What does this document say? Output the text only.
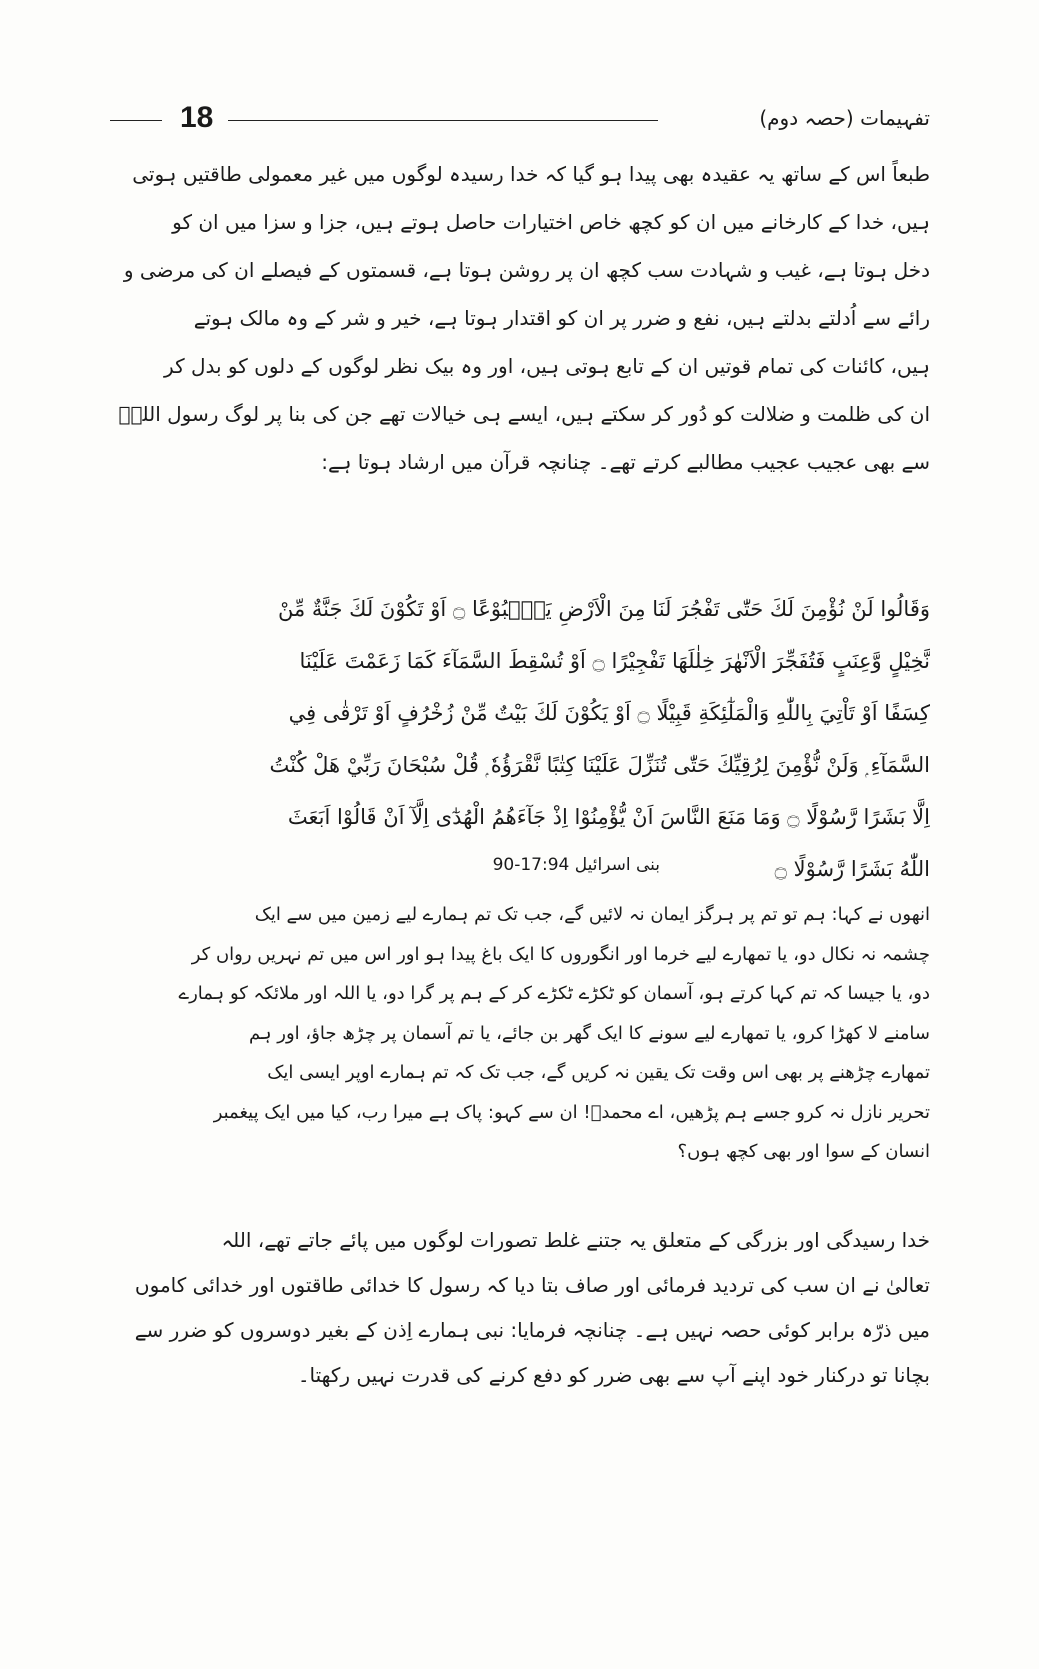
18	تفہیمات (حصہ دوم)
طبعاً اس کے ساتھ یہ عقیدہ بھی پیدا ہو گیا کہ خدا رسیدہ لوگوں میں غیر معمولی طاقتیں ہوتی
ہیں، خدا کے کارخانے میں ان کو کچھ خاص اختیارات حاصل ہوتے ہیں، جزا و سزا میں ان کو
دخل ہوتا ہے، غیب و شہادت سب کچھ ان پر روشن ہوتا ہے، قسمتوں کے فیصلے ان کی مرضی و
رائے سے اُدلتے بدلتے ہیں، نفع و ضرر پر ان کو اقتدار ہوتا ہے، خیر و شر کے وہ مالک ہوتے
ہیں، کائنات کی تمام قوتیں ان کے تابع ہوتی ہیں، اور وہ بیک نظر لوگوں کے دلوں کو بدل کر
ان کی ظلمت و ضلالت کو دُور کر سکتے ہیں، ایسے ہی خیالات تھے جن کی بنا پر لوگ رسول اللہؐ
سے بھی عجیب عجیب مطالبے کرتے تھے۔ چنانچہ قرآن میں ارشاد ہوتا ہے:
وَقَالُوا لَنْ نُؤْمِنَ لَكَ حَتّٰى تَفْجُرَ لَنَا مِنَ الْاَرْضِ يَنْۢبُوْعًا ۝ اَوْ تَكُوْنَ لَكَ جَنَّةٌ مِّنْ
نَّخِيْلٍ وَّعِنَبٍ فَتُفَجِّرَ الْاَنْهٰرَ خِلٰلَهَا تَفْجِيْرًا ۝ اَوْ تُسْقِطَ السَّمَآءَ كَمَا زَعَمْتَ عَلَيْنَا
كِسَفًا اَوْ تَاْتِيَ بِاللّٰهِ وَالْمَلٰٓئِكَةِ قَبِيْلًا ۝ اَوْ يَكُوْنَ لَكَ بَيْتٌ مِّنْ زُخْرُفٍ اَوْ تَرْقٰى فِي
السَّمَآءِ ۭ وَلَنْ نُّؤْمِنَ لِرُقِيِّكَ حَتّٰى تُنَزِّلَ عَلَيْنَا كِتٰبًا نَّقْرَؤُهٗ ۭ قُلْ سُبْحَانَ رَبِّيْ هَلْ كُنْتُ
اِلَّا بَشَرًا رَّسُوْلًا ۝ وَمَا مَنَعَ النَّاسَ اَنْ يُّؤْمِنُوْا اِذْ جَآءَهُمُ الْهُدٰٓى اِلَّآ اَنْ قَالُوْا اَبَعَثَ
اللّٰهُ بَشَرًا رَّسُوْلًا ۝
بنی اسرائیل 17:94-90
انھوں نے کہا: ہم تو تم پر ہرگز ایمان نہ لائیں گے، جب تک تم ہمارے لیے زمین میں سے ایک
چشمہ نہ نکال دو، یا تمھارے لیے خرما اور انگوروں کا ایک باغ پیدا ہو اور اس میں تم نہریں رواں کر
دو، یا جیسا کہ تم کہا کرتے ہو، آسمان کو ٹکڑے ٹکڑے کر کے ہم پر گرا دو، یا اللہ اور ملائکہ کو ہمارے
سامنے لا کھڑا کرو، یا تمھارے لیے سونے کا ایک گھر بن جائے، یا تم آسمان پر چڑھ جاؤ، اور ہم
تمھارے چڑھنے پر بھی اس وقت تک یقین نہ کریں گے، جب تک کہ تم ہمارے اوپر ایسی ایک
تحریر نازل نہ کرو جسے ہم پڑھیں، اے محمدؐ! ان سے کہو: پاک ہے میرا رب، کیا میں ایک پیغمبر
انسان کے سوا اور بھی کچھ ہوں؟
خدا رسیدگی اور بزرگی کے متعلق یہ جتنے غلط تصورات لوگوں میں پائے جاتے تھے، اللہ
تعالیٰ نے ان سب کی تردید فرمائی اور صاف بتا دیا کہ رسول کا خدائی طاقتوں اور خدائی کاموں
میں ذرّہ برابر کوئی حصہ نہیں ہے۔ چنانچہ فرمایا: نبی ہمارے اِذن کے بغیر دوسروں کو ضرر سے
بچانا تو درکنار خود اپنے آپ سے بھی ضرر کو دفع کرنے کی قدرت نہیں رکھتا۔
